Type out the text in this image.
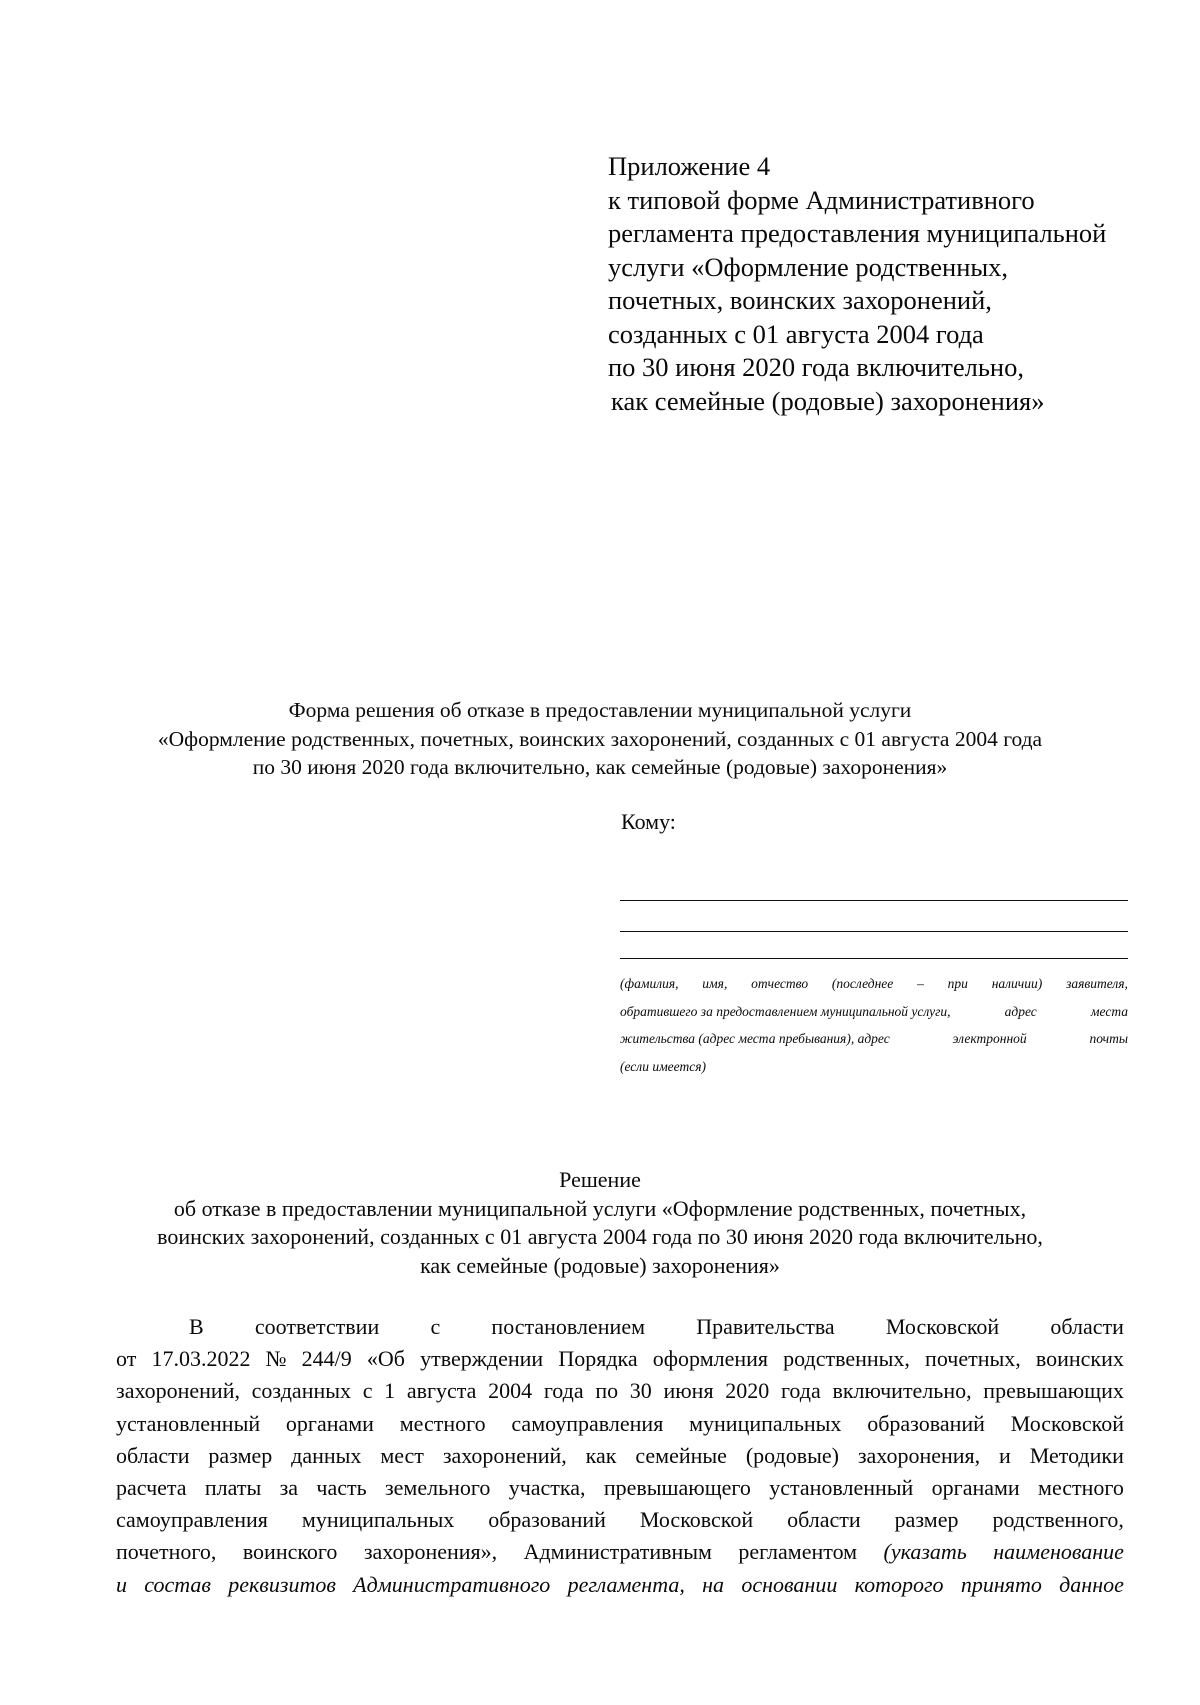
Приложение 4
к типовой форме Административного
регламента предоставления муниципальной
услуги «Оформление родственных,
почетных, воинских захоронений,
созданных с 01 августа 2004 года
по 30 июня 2020 года включительно,
как семейные (родовые) захоронения»
Форма решения об отказе в предоставлении муниципальной услуги
«Оформление родственных, почетных, воинских захоронений, созданных с 01 августа 2004 года
по 30 июня 2020 года включительно, как семейные (родовые) захоронения»
Кому:
(фамилия, имя, отчество (последнее – при наличии) заявителя,
обратившего за предоставлением муниципальной услуги,	адрес	места
жительства (адрес места пребывания), адрес	электронной	почты
(если имеется)
Решение
об отказе в предоставлении муниципальной услуги «Оформление родственных, почетных,
воинских захоронений, созданных с 01 августа 2004 года по 30 июня 2020 года включительно,
как семейные (родовые) захоронения»
В соответствии с постановлением Правительства Московской области
от 17.03.2022 № 244/9 «Об утверждении Порядка оформления родственных, почетных, воинских
захоронений, созданных с 1 августа 2004 года по 30 июня 2020 года включительно, превышающих
установленный органами местного самоуправления муниципальных образований Московской
области размер данных мест захоронений, как семейные (родовые) захоронения, и Методики
расчета платы за часть земельного участка, превышающего установленный органами местного
самоуправления муниципальных образований Московской области размер родственного,
почетного, воинского захоронения», Административным регламентом (указать наименование
и состав реквизитов Административного регламента, на основании которого принято данное
